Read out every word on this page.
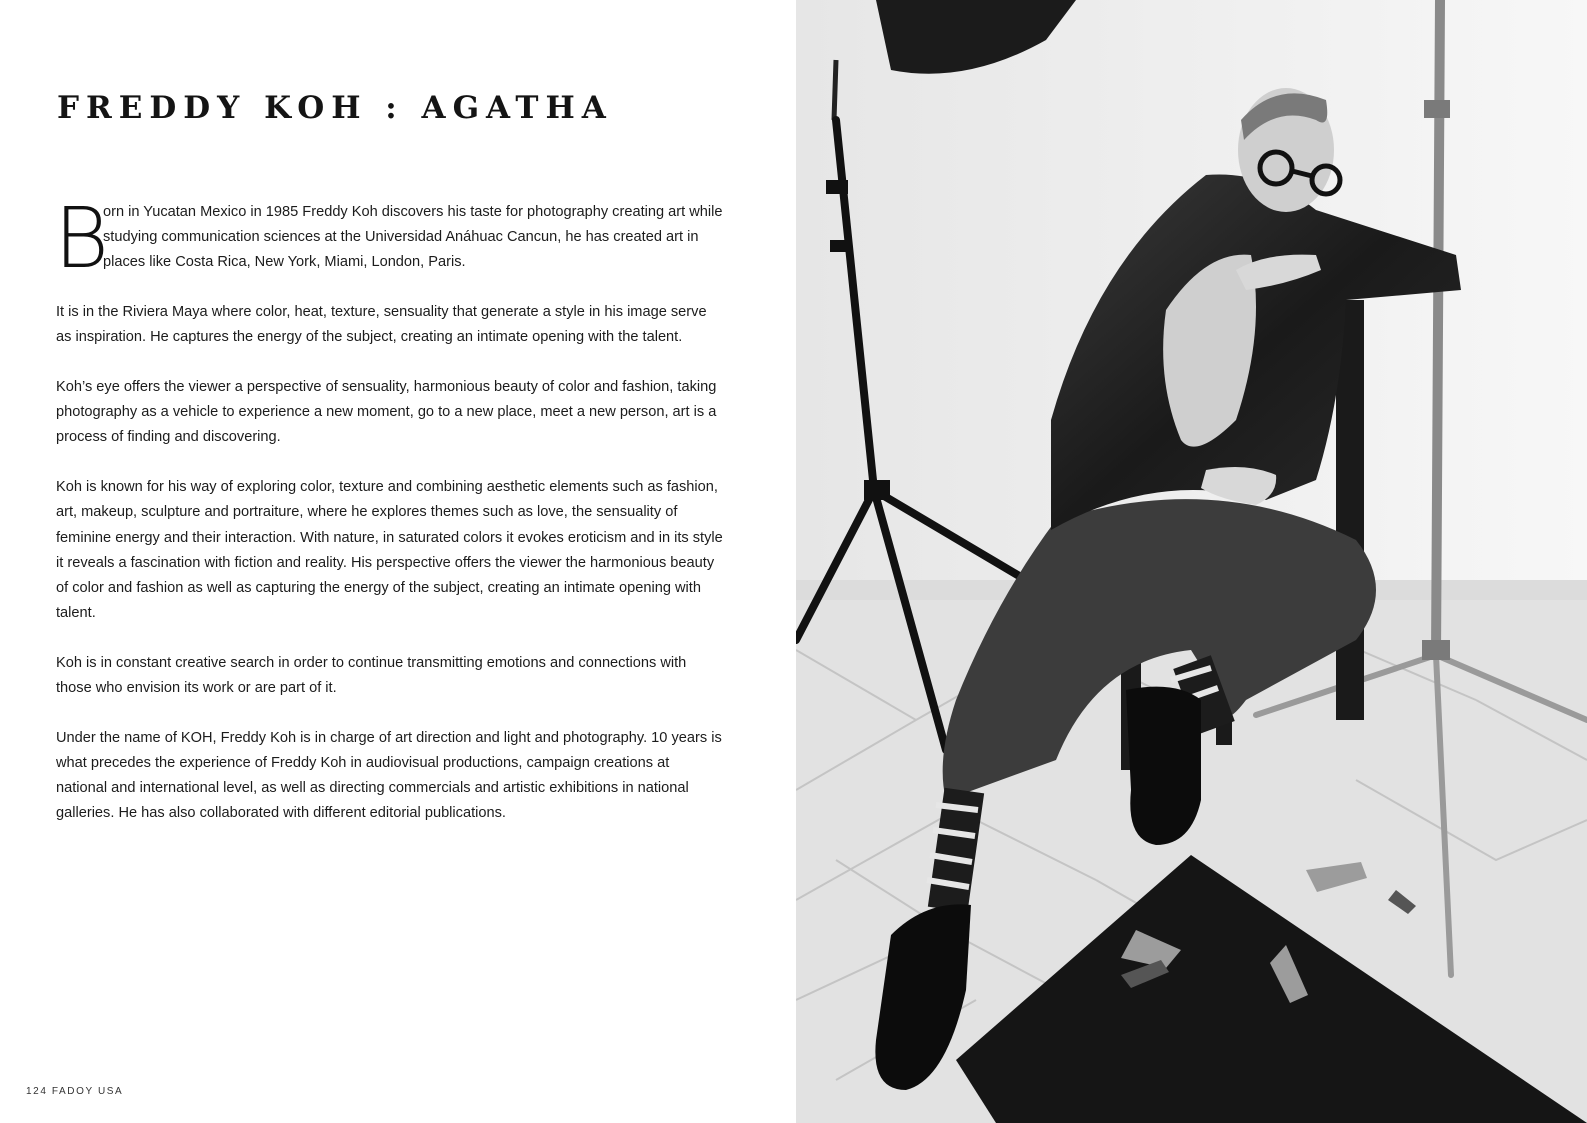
FREDDY KOH : AGATHA

B
orn in Yucatan Mexico in 1985 Freddy Koh discovers his taste for photography creating art while studying communication sciences at the Universidad Anáhuac Cancun, he has created art in places like Costa Rica, New York, Miami, London, Paris.

It is in the Riviera Maya where color, heat, texture, sensuality that generate a style in his image serve as inspiration. He captures the energy of the subject, creating an intimate opening with the talent.

Koh’s eye offers the viewer a perspective of sensuality, harmonious beauty of color and fashion, taking photography as a vehicle to experience a new moment, go to a new place, meet a new person, art is a process of finding and discovering.

Koh is known for his way of exploring color, texture and combining aesthetic elements such as fashion, art, makeup, sculpture and portraiture, where he explores themes such as love, the sensuality of feminine energy and their interaction. With nature, in saturated colors it evokes eroticism and in its style it reveals a fascination with fiction and reality. His perspective offers the viewer the harmonious beauty of color and fashion as well as capturing the energy of the subject, creating an intimate opening with talent.

Koh is in constant creative search in order to continue transmitting emotions and connections with those who envision its work or are part of it.

Under the name of KOH, Freddy Koh is in charge of art direction and light and photography. 10 years is what precedes the experience of Freddy Koh in audiovisual productions, campaign creations at national and international level, as well as directing commercials and artistic exhibitions in national galleries. He has also collaborated with different editorial publications.

124 FADOY USA
